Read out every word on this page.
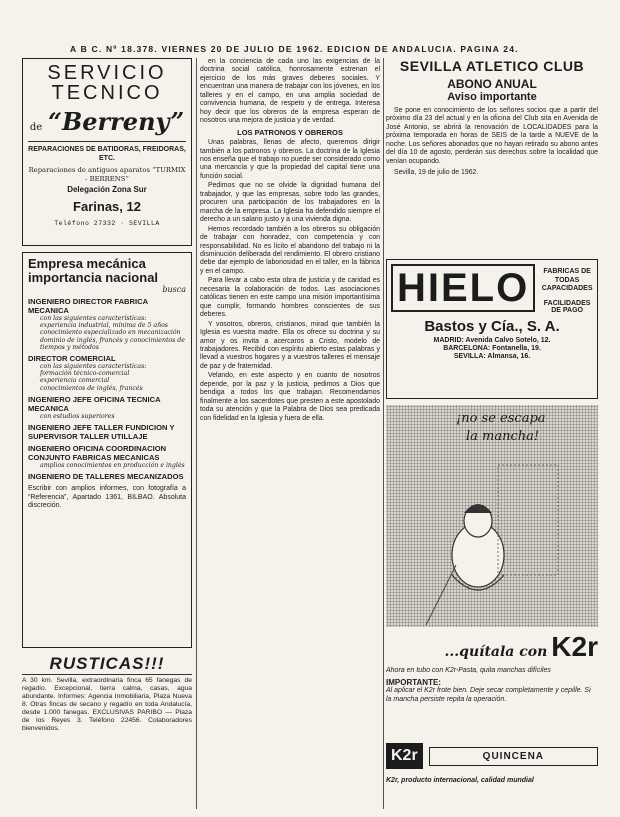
A B C. Nº 18.378. VIERNES 20 DE JULIO DE 1962. EDICION DE ANDALUCIA. PAGINA 24.
SERVICIO
TECNICO
de “Berreny”
REPARACIONES DE BATIDORAS, FREIDORAS, ETC.
Reparaciones de antiguos aparatos “TURMIX - BERRENS”
Delegación Zona Sur
Farinas, 12
Teléfono 27332 · SEVILLA
Empresa mecánica
importancia nacional
busca
INGENIERO DIRECTOR FABRICA MECANICA
con las siguientes características:
experiencia industrial, mínima de 5 años
conocimiento especializado en mecanización
dominio de inglés, francés y conocimientos de tiempos y métodos
DIRECTOR COMERCIAL
con las siguientes características:
formación técnico-comercial
experiencia comercial
conocimientos de inglés, francés
INGENIERO JEFE OFICINA TECNICA MECANICA
con estudios superiores
INGENIERO JEFE TALLER FUNDICION Y SUPERVISOR TALLER UTILLAJE
INGENIERO OFICINA COORDINACION CONJUNTO FABRICAS MECANICAS
amplios conocimientos en producción e inglés
INGENIERO DE TALLERES MECANIZADOS
Escribir con amplios informes, con fotografía a “Referencia”, Apartado 1361, BILBAO. Absoluta discreción.
RUSTICAS!!!
A 30 km. Sevilla, extraordinaria finca 65 fanegas de regadío. Excepcional, tierra calma, casas, agua abundante. Informes: Agencia Inmobiliaria, Plaza Nueva 8. Otras fincas de secano y regadío en toda Andalucía, desde 1.000 fanegas. EXCLUSIVAS PARIBO — Plaza de los Reyes 3. Teléfono 22456. Colaboradores bienvenidos.

en la conciencia de cada uno las exigencias de la doctrina social católica, honrosamente estrenan el ejercicio de los más graves deberes sociales. Y encuentran una manera de trabajar con los jóvenes, en los talleres y en el campo, en una amplia sociedad de convivencia humana, de respeto y de entrega. Interesa hoy decir que los obreros de la empresa esperan de nosotros una mejora de justicia y de verdad.

LOS PATRONOS Y OBREROS

Unas palabras, llenas de afecto, queremos dirigir también a los patronos y obreros. La doctrina de la Iglesia nos enseña que el trabajo no puede ser considerado como una mercancía y que la propiedad del capital tiene una función social.

Pedimos que no se olvide la dignidad humana del trabajador, y que las empresas, sobre todo las grandes, procuren una participación de los trabajadores en la marcha de la empresa. La Iglesia ha defendido siempre el derecho a un salario justo y a una vivienda digna.

Hemos recordado también a los obreros su obligación de trabajar con honradez, con competencia y con responsabilidad. No es lícito el abandono del trabajo ni la disminución deliberada del rendimiento. El obrero cristiano debe dar ejemplo de laboriosidad en el taller, en la fábrica y en el campo.

Para llevar a cabo esta obra de justicia y de caridad es necesaria la colaboración de todos. Las asociaciones católicas tienen en este campo una misión importantísima que cumplir, formando hombres conscientes de sus deberes.

Y vosotros, obreros, cristianos, mirad que también la Iglesia es vuestra madre. Ella os ofrece su doctrina y su amor y os invita a acercaros a Cristo, modelo de trabajadores. Recibid con espíritu abierto estas palabras y llevad a vuestros hogares y a vuestros talleres el mensaje de paz y de fraternidad.

Velando, en este aspecto y en cuanto de nosotros depende, por la paz y la justicia, pedimos a Dios que bendiga a todos los que trabajan. Recomendamos finalmente a los sacerdotes que presten a este apostolado toda su atención y que la Palabra de Dios sea predicada con fidelidad en la Iglesia y fuera de ella.

SEVILLA ATLETICO CLUB
ABONO ANUAL
Aviso importante
Se pone en conocimiento de los señores socios que a partir del próximo día 23 del actual y en la oficina del Club sita en Avenida de José Antonio, se abrirá la renovación de LOCALIDADES para la próxima temporada en horas de SEIS de la tarde a NUEVE de la noche. Los señores abonados que no hayan retirado su abono antes del día 10 de agosto, perderán sus derechos sobre la localidad que venían ocupando.
Sevilla, 19 de julio de 1962.
HIELO	FABRICAS DE TODAS CAPACIDADES
FACILIDADES DE PAGO
Bastos y Cía., S. A.
MADRID: Avenida Calvo Sotelo, 12.
BARCELONA: Fontanella, 19.
SEVILLA: Almansa, 16.
¡no se escapa
la mancha!
...quítala con K2r
Ahora en tubo con K2r-Pasta, quita manchas difíciles
IMPORTANTE:
Al aplicar el K2r frote bien. Deje secar completamente y cepille. Si la mancha persiste repita la operación.
K2r	QUINCENA
K2r, producto internacional, calidad mundial
